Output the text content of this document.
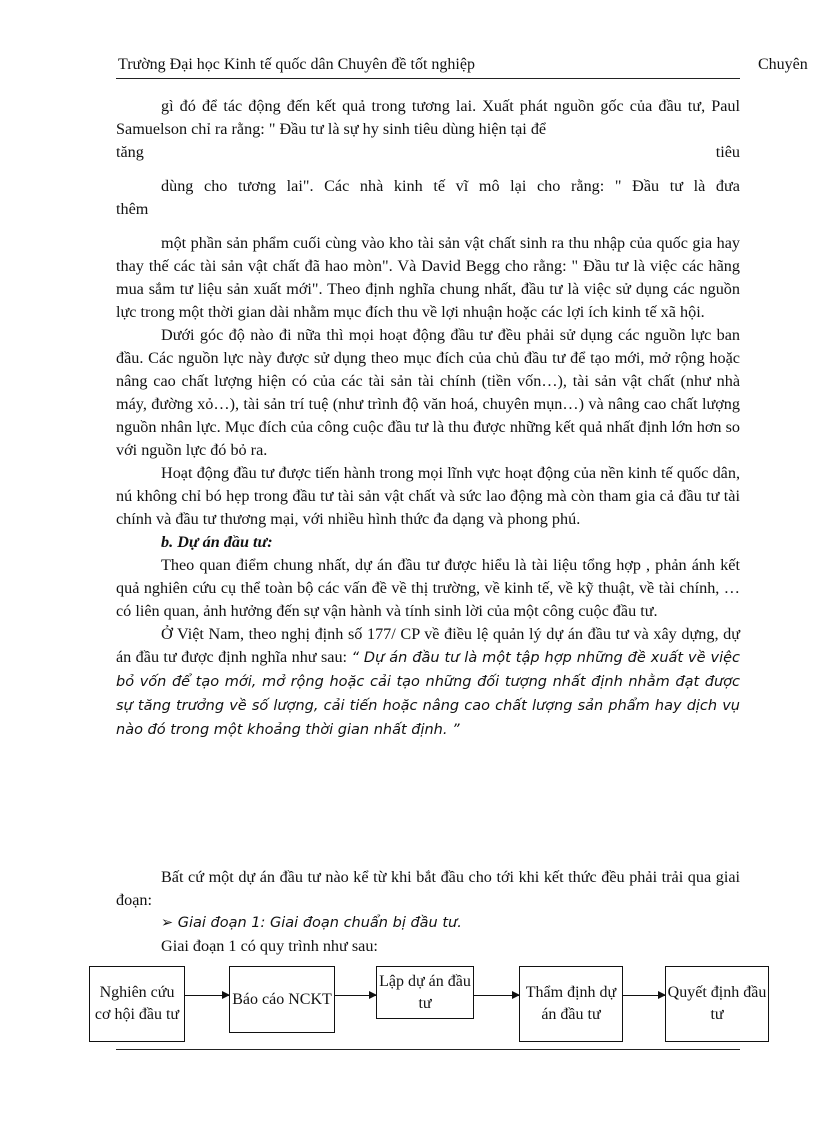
Trường Đại học Kinh tế quốc dân Chuyên đề tốt nghiệp	Chuyên

gì đó để tác động đến kết quả trong tương lai. Xuất phát nguồn gốc của đầu tư, Paul Samuelson chỉ ra rằng: " Đầu tư là sự hy sinh tiêu dùng hiện tại để

tăng	tiêu

dùng cho tương lai". Các nhà kinh tế vĩ mô lại cho rằng: " Đầu tư là đưa

thêm

một phần sản phẩm cuối cùng vào kho tài sản vật chất sinh ra thu nhập của quốc gia hay thay thế các tài sản vật chất đã hao mòn". Và David Begg cho rằng: " Đầu tư là việc các hãng mua sắm tư liệu sản xuất mới". Theo định nghĩa chung nhất, đầu tư là việc sử dụng các nguồn lực trong một thời gian dài nhằm mục đích thu về lợi nhuận hoặc các lợi ích kinh tế xã hội.

Dưới góc độ nào đi nữa thì mọi hoạt động đầu tư đều phải sử dụng các nguồn lực ban đầu. Các nguồn lực này được sử dụng theo mục đích của chủ đầu tư để tạo mới, mở rộng hoặc nâng cao chất lượng hiện có của các tài sản tài chính (tiền vốn…), tài sản vật chất (như nhà máy, đường xỏ…), tài sản trí tuệ (như trình độ văn hoá, chuyên mụn…) và nâng cao chất lượng nguồn nhân lực. Mục đích của công cuộc đầu tư là thu được những kết quả nhất định lớn hơn so với nguồn lực đó bỏ ra.

Hoạt động đầu tư được tiến hành trong mọi lĩnh vực hoạt động của nền kinh tế quốc dân, nú không chỉ bó hẹp trong đầu tư tài sản vật chất và sức lao động mà còn tham gia cả đầu tư tài chính và đầu tư thương mại, với nhiều hình thức đa dạng và phong phú.

b. Dự án đầu tư:

Theo quan điểm chung nhất, dự án đầu tư được hiểu là tài liệu tổng hợp , phản ánh kết quả nghiên cứu cụ thể toàn bộ các vấn đề về thị trường, về kinh tế, về kỹ thuật, về tài chính, … có liên quan, ảnh hưởng đến sự vận hành và tính sinh lời của một công cuộc đầu tư.

Ở Việt Nam, theo nghị định số 177/ CP về điều lệ quản lý dự án đầu tư và xây dựng, dự án đầu tư được định nghĩa như sau: “ Dự án đầu tư là một tập hợp những đề xuất về việc bỏ vốn để tạo mới, mở rộng hoặc cải tạo những đối tượng nhất định nhằm đạt được sự tăng trưởng về số lượng, cải tiến hoặc nâng cao chất lượng sản phẩm hay dịch vụ nào đó trong một khoảng thời gian nhất định. ”

Bất cứ một dự án đầu tư nào kể từ khi bắt đầu cho tới khi kết thức đều phải trải qua giai đoạn:

➢ Giai đoạn 1: Giai đoạn chuẩn bị đầu tư.

Giai đoạn 1 có quy trình như sau:

Nghiên cứu cơ hội đầu tư
Báo cáo NCKT
Lập dự án đầu tư
Thẩm định dự án đầu tư
Quyết định đầu tư
